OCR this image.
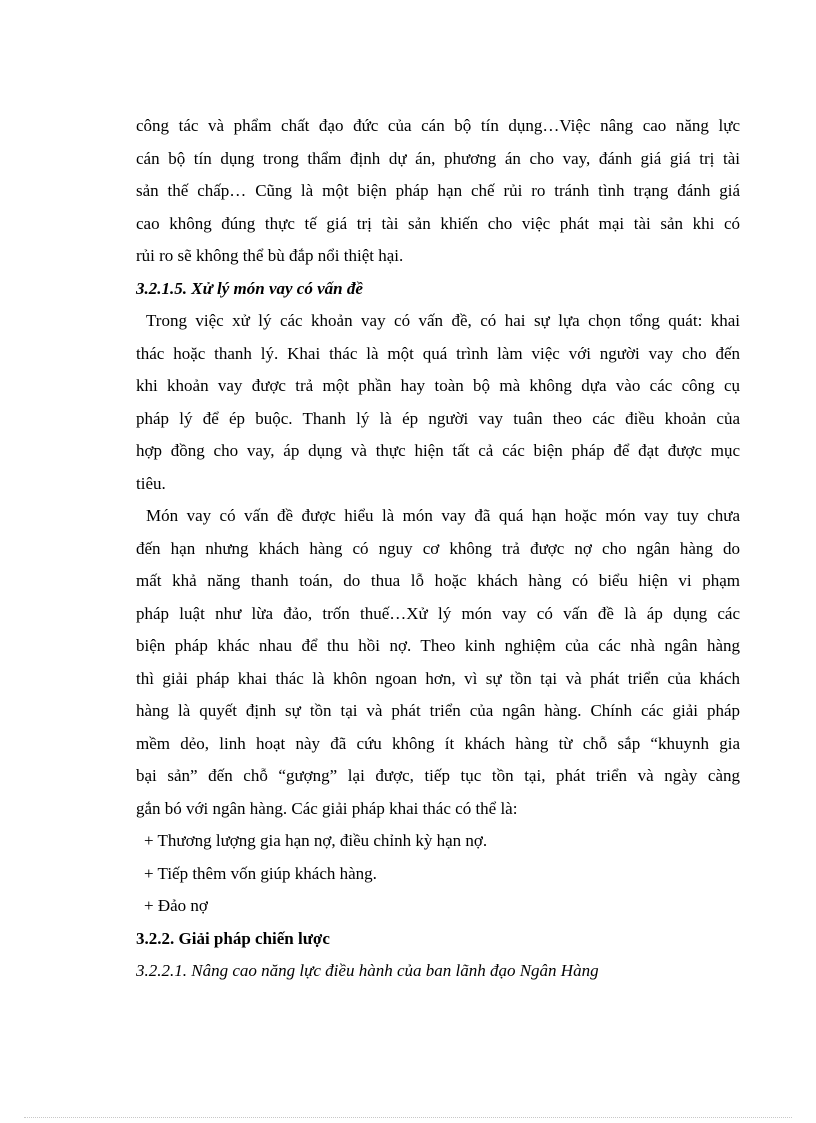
công tác và phẩm chất đạo đức của cán bộ tín dụng…Việc nâng cao năng lực
cán bộ tín dụng trong thẩm định dự án, phương án cho vay, đánh giá giá trị tài
sản thế chấp… Cũng là một biện pháp hạn chế rủi ro tránh tình trạng đánh giá
cao không đúng thực tế giá trị tài sản khiến cho việc phát mại tài sản khi có
rủi ro sẽ không thể bù đắp nổi thiệt hại.
3.2.1.5. Xử lý món vay có vấn đề
Trong việc xử lý các khoản vay có vấn đề, có hai sự lựa chọn tổng quát: khai
thác hoặc thanh lý. Khai thác là một quá trình làm việc với người vay cho đến
khi khoản vay được trả một phần hay toàn bộ mà không dựa vào các công cụ
pháp lý để ép buộc. Thanh lý là ép người vay tuân theo các điều khoản của
hợp đồng cho vay, áp dụng và thực hiện tất cả các biện pháp để đạt được mục
tiêu.
Món vay có vấn đề được hiểu là món vay đã quá hạn hoặc món vay tuy chưa
đến hạn nhưng khách hàng có nguy cơ không trả được nợ cho ngân hàng do
mất khả năng thanh toán, do thua lỗ hoặc khách hàng có biểu hiện vi phạm
pháp luật như lừa đảo, trốn thuế…Xử lý món vay có vấn đề là áp dụng các
biện pháp khác nhau để thu hồi nợ. Theo kinh nghiệm của các nhà ngân hàng
thì giải pháp khai thác là khôn ngoan hơn, vì sự tồn tại và phát triển của khách
hàng là quyết định sự tồn tại và phát triển của ngân hàng. Chính các giải pháp
mềm dẻo, linh hoạt này đã cứu không ít khách hàng từ chỗ sắp “khuynh gia
bại sản” đến chỗ “gượng” lại được, tiếp tục tồn tại, phát triển và ngày càng
gắn bó với ngân hàng. Các giải pháp khai thác có thể là:
+ Thương lượng gia hạn nợ, điều chỉnh kỳ hạn nợ.
+ Tiếp thêm vốn giúp khách hàng.
+ Đảo nợ
3.2.2. Giải pháp chiến lược
3.2.2.1. Nâng cao năng lực điều hành của ban lãnh đạo Ngân Hàng
